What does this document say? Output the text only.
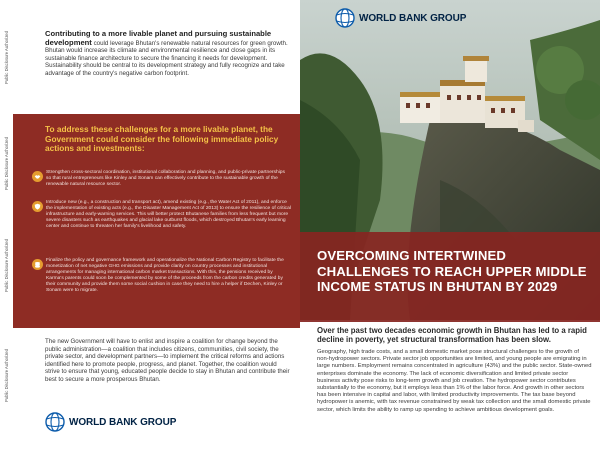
Public Disclosure Authorized
Public Disclosure Authorized
Public Disclosure Authorized
Public Disclosure Authorized
Contributing to a more livable planet and pursuing sustainable development could leverage Bhutan's renewable natural resources for green growth. Bhutan would increase its climate and environmental resilience and close gaps in its sustainable finance architecture to secure the financing it needs for development. Sustainability should be central to its development strategy and fully recognize and take advantage of the country's negative carbon footprint.
To address these challenges for a more livable planet, the Government could consider the following immediate policy actions and investments:

Strengthen cross-sectoral coordination, institutional collaboration and planning, and public-private partnerships so that rural entrepreneurs like Kinley and Sonam can effectively contribute to the sustainable growth of the renewable natural resource sector.

Introduce new (e.g., a construction and transport act), amend existing (e.g., the Water Act of 2011), and enforce the implementation of existing acts (e.g., the Disaster Management Act of 2013) to ensure the resilience of critical infrastructure and early-warning services. This will better protect Bhutanese families from less frequent but more severe disasters such as earthquakes and glacial lake outburst floods, which destroyed Bhutan's early learning center and continue to threaten her family's livelihood and safety.

Finalize the policy and governance framework and operationalize the National Carbon Registry to facilitate the monetization of net negative GHG emissions and provide clarity on country processes and institutional arrangements for managing international carbon market transactions. With this, the pensions received by Karma's parents could soon be complemented by some of the proceeds from the carbon credits generated by their community and provide them some social cushion in case they need to hire a helper if Dechen, Kinley or Sonam were to migrate.

The new Government will have to enlist and inspire a coalition for change beyond the public administration—a coalition that includes citizens, communities, civil society, the private sector, and development partners—to implement the critical reforms and actions identified here to promote people, progress, and planet. Together, the coalition would strive to ensure that young, educated people decide to stay in Bhutan and contribute their best to secure a more prosperous Bhutan.
WORLD BANK GROUP
WORLD BANK GROUP
OVERCOMING INTERTWINED CHALLENGES TO REACH UPPER MIDDLE INCOME STATUS IN BHUTAN BY 2029
Over the past two decades economic growth in Bhutan has led to a rapid decline in poverty, yet structural transformation has been slow.
Geography, high trade costs, and a small domestic market pose structural challenges to the growth of non-hydropower sectors. Private sector job opportunities are limited, and young people are emigrating in large numbers. Employment remains concentrated in agriculture (43%) and the public sector. State-owned enterprises dominate the economy. The lack of economic diversification and limited private sector business activity pose risks to long-term growth and job creation. The hydropower sector contributes substantially to the economy, but it employs less than 1% of the labor force. And growth in other sectors has been intensive in capital and labor, with limited productivity improvements. The tax base beyond hydropower is anemic, with tax revenue constrained by weak tax collection and the small domestic private sector, which limits the ability to ramp up spending to achieve ambitious development goals.
